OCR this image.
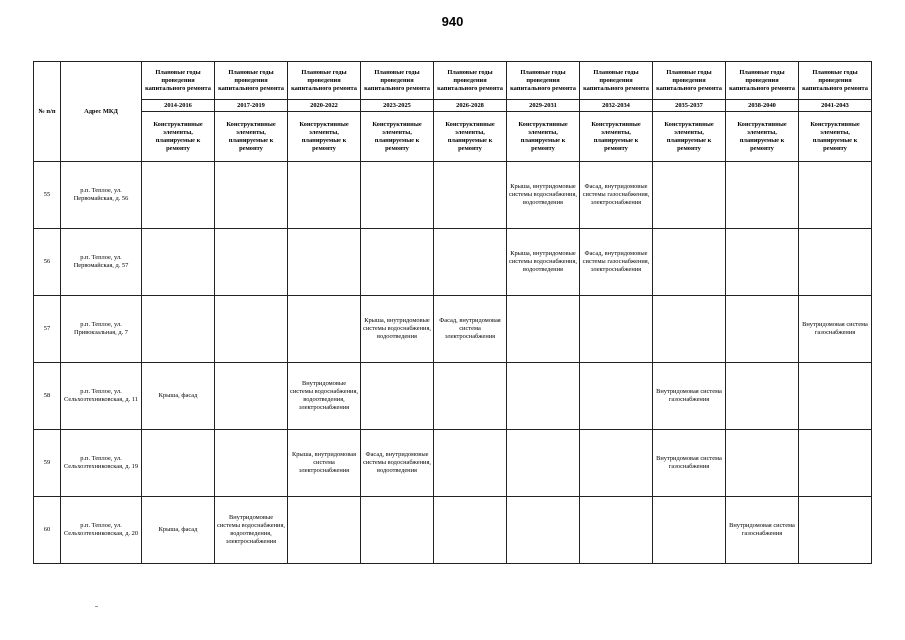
940
№ п/п	Адрес МКД	Плановые годы проведения капитального ремонта	Плановые годы проведения капитального ремонта	Плановые годы проведения капитального ремонта	Плановые годы проведения капитального ремонта	Плановые годы проведения капитального ремонта	Плановые годы проведения капитального ремонта	Плановые годы проведения капитального ремонта	Плановые годы проведения капитального ремонта	Плановые годы проведения капитального ремонта	Плановые годы проведения капитального ремонта
		2014-2016	2017-2019	2020-2022	2023-2025	2026-2028	2029-2031	2032-2034	2035-2037	2038-2040	2041-2043
		Конструктивные элементы, планируемые к ремонту	Конструктивные элементы, планируемые к ремонту	Конструктивные элементы, планируемые к ремонту	Конструктивные элементы, планируемые к ремонту	Конструктивные элементы, планируемые к ремонту	Конструктивные элементы, планируемые к ремонту	Конструктивные элементы, планируемые к ремонту	Конструктивные элементы, планируемые к ремонту	Конструктивные элементы, планируемые к ремонту	Конструктивные элементы, планируемые к ремонту
55	р.п. Теплое, ул. Первомайская, д. 56						Крыша, внутридомовые системы водоснабжения, водоотведения	Фасад, внутридомовые системы газоснабжения, электроснабжения			
56	р.п. Теплое, ул. Первомайская, д. 57						Крыша, внутридомовые системы водоснабжения, водоотведения	Фасад, внутридомовые системы газоснабжения, электроснабжения			
57	р.п. Теплое, ул. Привокзальная, д. 7				Крыша, внутридомовые системы водоснабжения, водоотведения	Фасад, внутридомовая система электроснабжения					Внутридомовая система газоснабжения
58	р.п. Теплое, ул. Сельхозтехниковская, д. 11	Крыша, фасад		Внутридомовые системы водоснабжения, водоотведения, электроснабжения					Внутридомовая система газоснабжения		
59	р.п. Теплое, ул. Сельхозтехниковская, д. 19			Крыша, внутридомовая система электроснабжения	Фасад, внутридомовые системы водоснабжения, водоотведения				Внутридомовая система газоснабжения		
60	р.п. Теплое, ул. Сельхозтехниковская, д. 20	Крыша, фасад	Внутридомовые системы водоснабжения, водоотведения, электроснабжения							Внутридомовая система газоснабжения	
